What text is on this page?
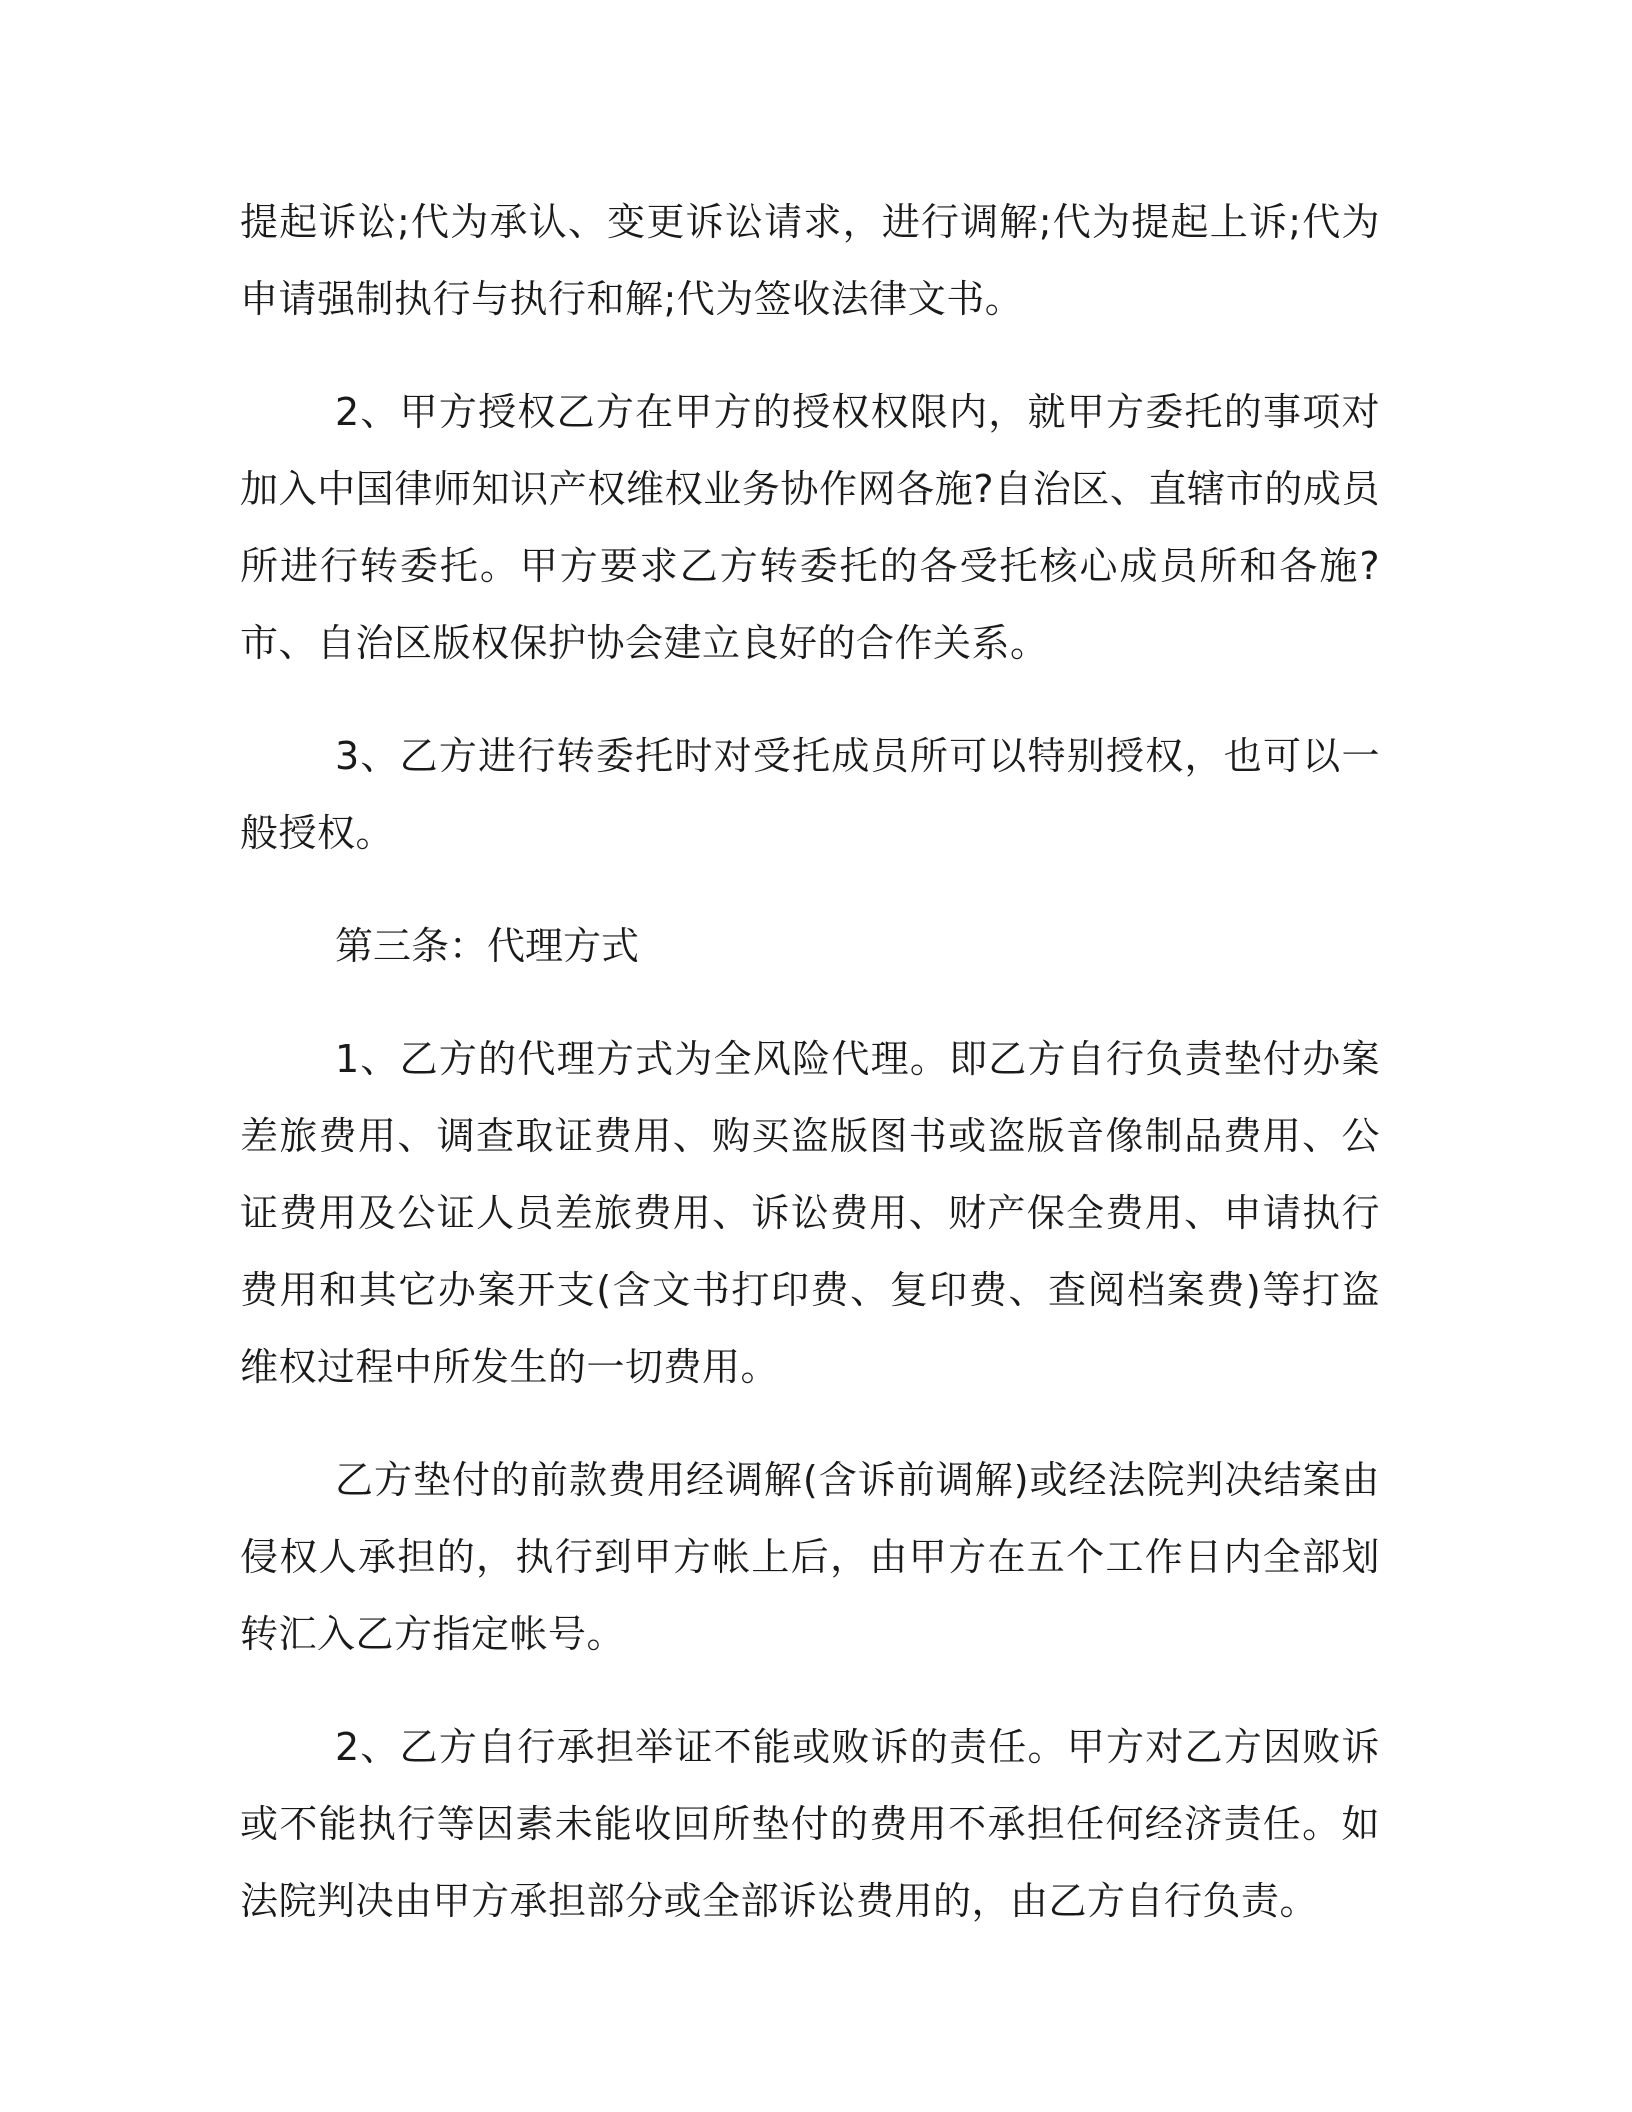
提起诉讼;代为承认、变更诉讼请求，进行调解;代为提起上诉;代为申请强制执行与执行和解;代为签收法律文书。

2、甲方授权乙方在甲方的授权权限内，就甲方委托的事项对加入中国律师知识产权维权业务协作网各施?自治区、直辖市的成员所进行转委托。甲方要求乙方转委托的各受托核心成员所和各施?市、自治区版权保护协会建立良好的合作关系。

3、乙方进行转委托时对受托成员所可以特别授权，也可以一般授权。

第三条：代理方式

1、乙方的代理方式为全风险代理。即乙方自行负责垫付办案差旅费用、调查取证费用、购买盗版图书或盗版音像制品费用、公证费用及公证人员差旅费用、诉讼费用、财产保全费用、申请执行费用和其它办案开支(含文书打印费、复印费、查阅档案费)等打盗维权过程中所发生的一切费用。

乙方垫付的前款费用经调解(含诉前调解)或经法院判决结案由侵权人承担的，执行到甲方帐上后，由甲方在五个工作日内全部划转汇入乙方指定帐号。

2、乙方自行承担举证不能或败诉的责任。甲方对乙方因败诉或不能执行等因素未能收回所垫付的费用不承担任何经济责任。如法院判决由甲方承担部分或全部诉讼费用的，由乙方自行负责。
